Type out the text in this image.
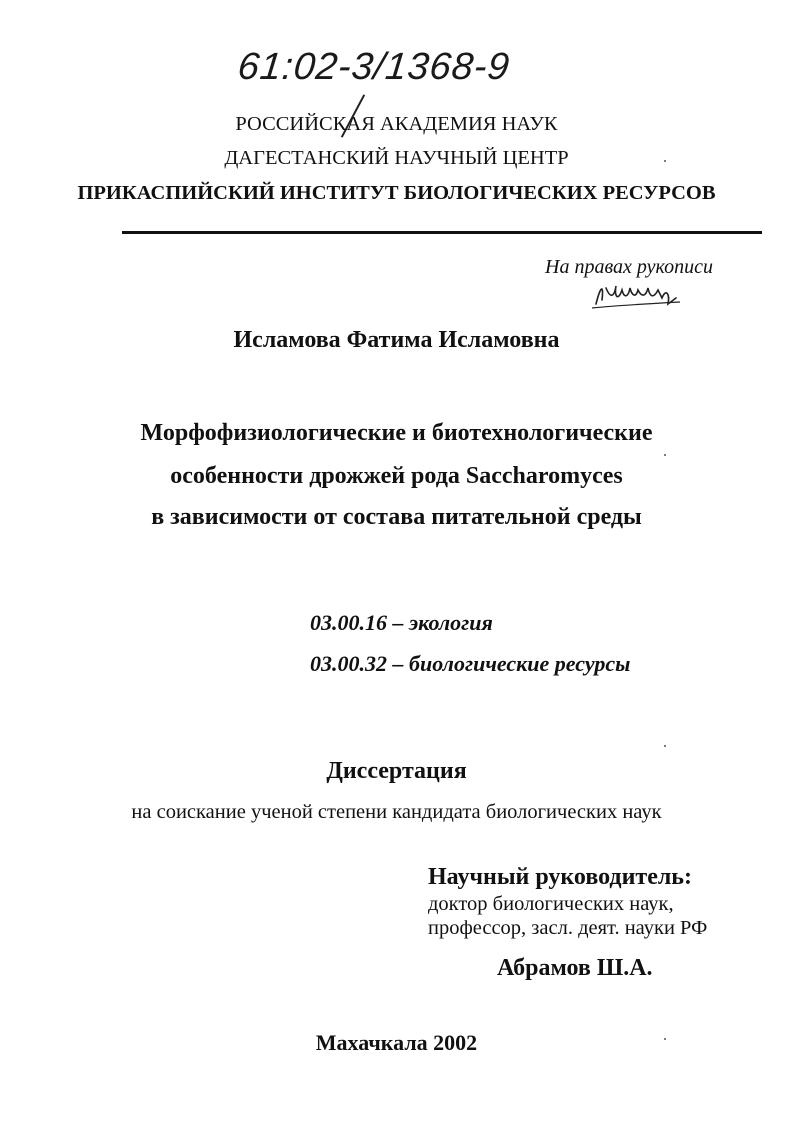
61:02-3/1368-9
РОССИЙСКАЯ АКАДЕМИЯ НАУК
ДАГЕСТАНСКИЙ НАУЧНЫЙ ЦЕНТР
ПРИКАСПИЙСКИЙ ИНСТИТУТ БИОЛОГИЧЕСКИХ РЕСУРСОВ
На правах рукописи
Исламова Фатима Исламовна
Морфофизиологические и биотехнологические
особенности дрожжей рода Saccharomyces
в зависимости от состава питательной среды
03.00.16 – экология
03.00.32 – биологические ресурсы
Диссертация
на соискание ученой степени кандидата биологических наук
Научный руководитель:
доктор биологических наук,
профессор, засл. деят. науки РФ
Абрамов Ш.А.
Махачкала 2002
